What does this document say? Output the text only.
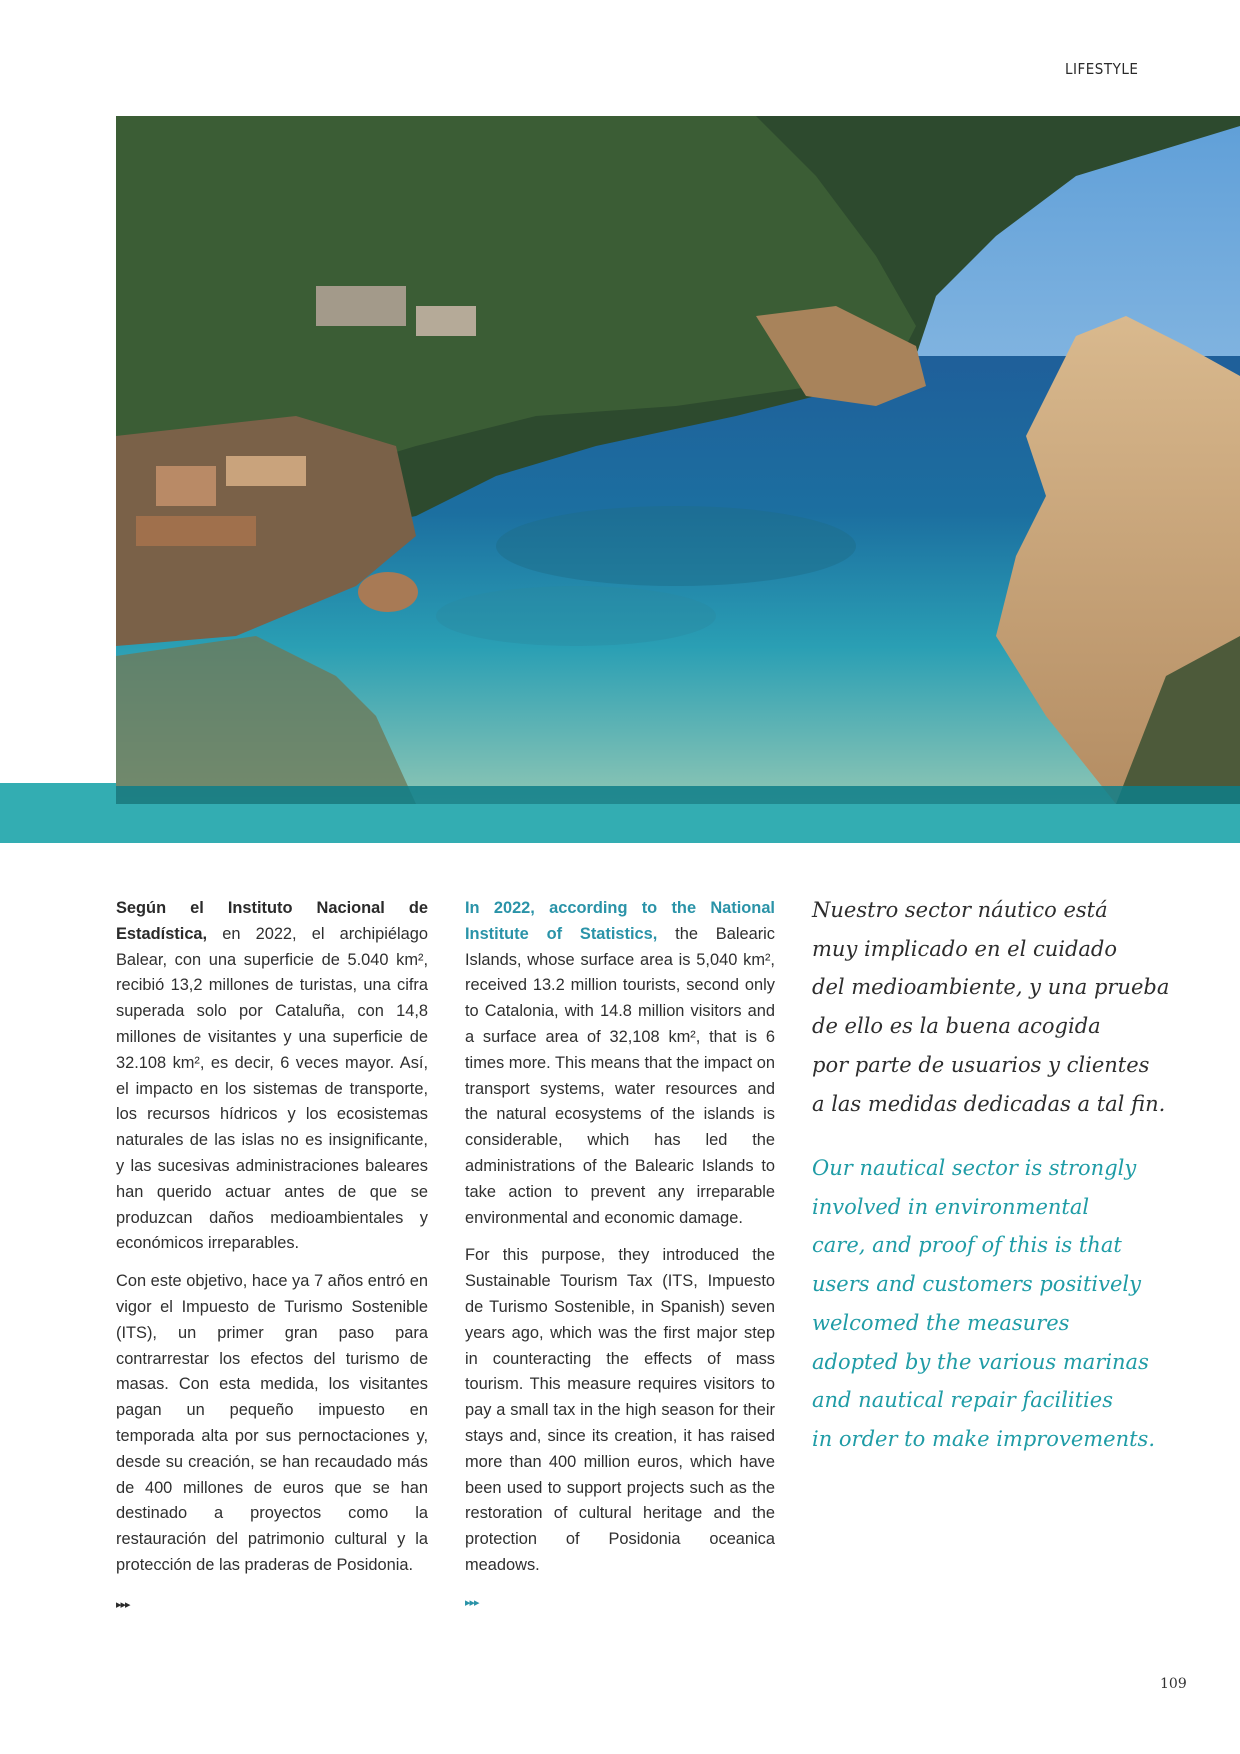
LIFESTYLE

Según el Instituto Nacional de Estadística, en 2022, el archipiélago Balear, con una superficie de 5.040 km², recibió 13,2 millones de turistas, una cifra superada solo por Cataluña, con 14,8 millones de visitantes y una superficie de 32.108 km², es decir, 6 veces mayor. Así, el impacto en los sistemas de transporte, los recursos hídricos y los ecosistemas naturales de las islas no es insignificante, y las sucesivas administraciones baleares han querido actuar antes de que se produzcan daños medioambientales y económicos irreparables.

Con este objetivo, hace ya 7 años entró en vigor el Impuesto de Turismo Sostenible (ITS), un primer gran paso para contrarrestar los efectos del turismo de masas. Con esta medida, los visitantes pagan un pequeño impuesto en temporada alta por sus pernoctaciones y, desde su creación, se han recaudado más de 400 millones de euros que se han destinado a proyectos como la restauración del patrimonio cultural y la protección de las praderas de Posidonia.

▸▸▸

In 2022, according to the National Institute of Statistics, the Balearic Islands, whose surface area is 5,040 km², received 13.2 million tourists, second only to Catalonia, with 14.8 million visitors and a surface area of 32,108 km², that is 6 times more. This means that the impact on transport systems, water resources and the natural ecosystems of the islands is considerable, which has led the administrations of the Balearic Islands to take action to prevent any irreparable environmental and economic damage.

For this purpose, they introduced the Sustainable Tourism Tax (ITS, Impuesto de Turismo Sostenible, in Spanish) seven years ago, which was the first major step in counteracting the effects of mass tourism. This measure requires visitors to pay a small tax in the high season for their stays and, since its creation, it has raised more than 400 million euros, which have been used to support projects such as the restoration of cultural heritage and the protection of Posidonia oceanica meadows.

▸▸▸
Nuestro sector náutico está
muy implicado en el cuidado
del medioambiente, y una prueba
de ello es la buena acogida
por parte de usuarios y clientes
a las medidas dedicadas a tal fin.
Our nautical sector is strongly
involved in environmental
care, and proof of this is that
users and customers positively
welcomed the measures
adopted by the various marinas
and nautical repair facilities
in order to make improvements.
109
